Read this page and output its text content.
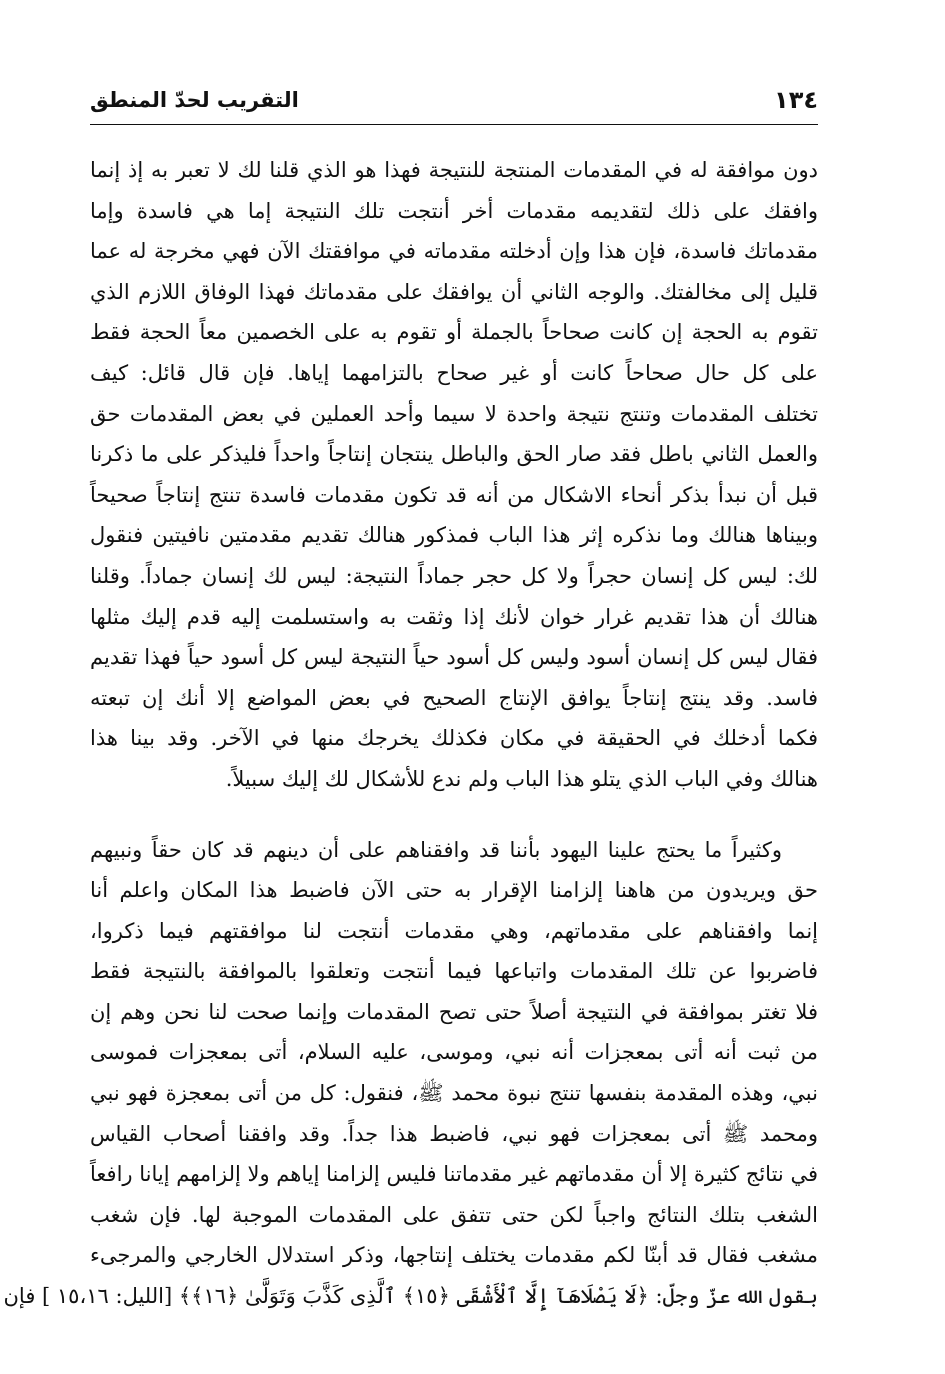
١٣٤
التقريب لحدّ المنطق
دون موافقة له في المقدمات المنتجة للنتيجة فهذا هو الذي قلنا لك لا تعبر به إذ إنما
وافقك على ذلك لتقديمه مقدمات أخر أنتجت تلك النتيجة إما هي فاسدة وإما
مقدماتك فاسدة، فإن هذا وإن أدخلته مقدماته في موافقتك الآن فهي مخرجة له عما
قليل إلى مخالفتك. والوجه الثاني أن يوافقك على مقدماتك فهذا الوفاق اللازم الذي
تقوم به الحجة إن كانت صحاحاً بالجملة أو تقوم به على الخصمين معاً الحجة فقط
على كل حال صحاحاً كانت أو غير صحاح بالتزامهما إياها. فإن قال قائل: كيف
تختلف المقدمات وتنتج نتيجة واحدة لا سيما وأحد العملين في بعض المقدمات حق
والعمل الثاني باطل فقد صار الحق والباطل ينتجان إنتاجاً واحداً فليذكر على ما ذكرنا
قبل أن نبدأ بذكر أنحاء الاشكال من أنه قد تكون مقدمات فاسدة تنتج إنتاجاً صحيحاً
وبيناها هنالك وما نذكره إثر هذا الباب فمذكور هنالك تقديم مقدمتين نافيتين فنقول
لك: ليس كل إنسان حجراً ولا كل حجر جماداً النتيجة: ليس لك إنسان جماداً. وقلنا
هنالك أن هذا تقديم غرار خوان لأنك إذا وثقت به واستسلمت إليه قدم إليك مثلها
فقال ليس كل إنسان أسود وليس كل أسود حياً النتيجة ليس كل أسود حياً فهذا تقديم
فاسد. وقد ينتج إنتاجاً يوافق الإنتاج الصحيح في بعض المواضع إلا أنك إن تبعته
فكما أدخلك في الحقيقة في مكان فكذلك يخرجك منها في الآخر. وقد بينا هذا
هنالك وفي الباب الذي يتلو هذا الباب ولم ندع للأشكال لك إليك سبيلاً.
وكثيراً ما يحتج علينا اليهود بأننا قد وافقناهم على أن دينهم قد كان حقاً ونبيهم
حق ويريدون من هاهنا إلزامنا الإقرار به حتى الآن فاضبط هذا المكان واعلم أنا
إنما وافقناهم على مقدماتهم، وهي مقدمات أنتجت لنا موافقتهم فيما ذكروا،
فاضربوا عن تلك المقدمات واتباعها فيما أنتجت وتعلقوا بالموافقة بالنتيجة فقط
فلا تغتر بموافقة في النتيجة أصلاً حتى تصح المقدمات وإنما صحت لنا نحن وهم إن
من ثبت أنه أتى بمعجزات أنه نبي، وموسى، عليه السلام، أتى بمعجزات فموسى
نبي، وهذه المقدمة بنفسها تنتج نبوة محمد ﷺ، فنقول: كل من أتى بمعجزة فهو نبي
ومحمد ﷺ أتى بمعجزات فهو نبي، فاضبط هذا جداً. وقد وافقنا أصحاب القياس
في نتائج كثيرة إلا أن مقدماتهم غير مقدماتنا فليس إلزامنا إياهم ولا إلزامهم إيانا رافعاً
الشغب بتلك النتائج واجباً لكن حتى تتفق على المقدمات الموجبة لها. فإن شغب
مشغب فقال قد أبنّا لكم مقدمات يختلف إنتاجها، وذكر استدلال الخارجي والمرجىء
بقول الله عزّ وجلّ: ﴿لَا يَصْلَاهَآ إِلَّا ٱلْأَشْقَى ﴿١٥﴾ ٱلَّذِى كَذَّبَ وَتَوَلَّىٰ ﴿١٦﴾﴾ [الليل: ١٥،١٦ ] فإن
